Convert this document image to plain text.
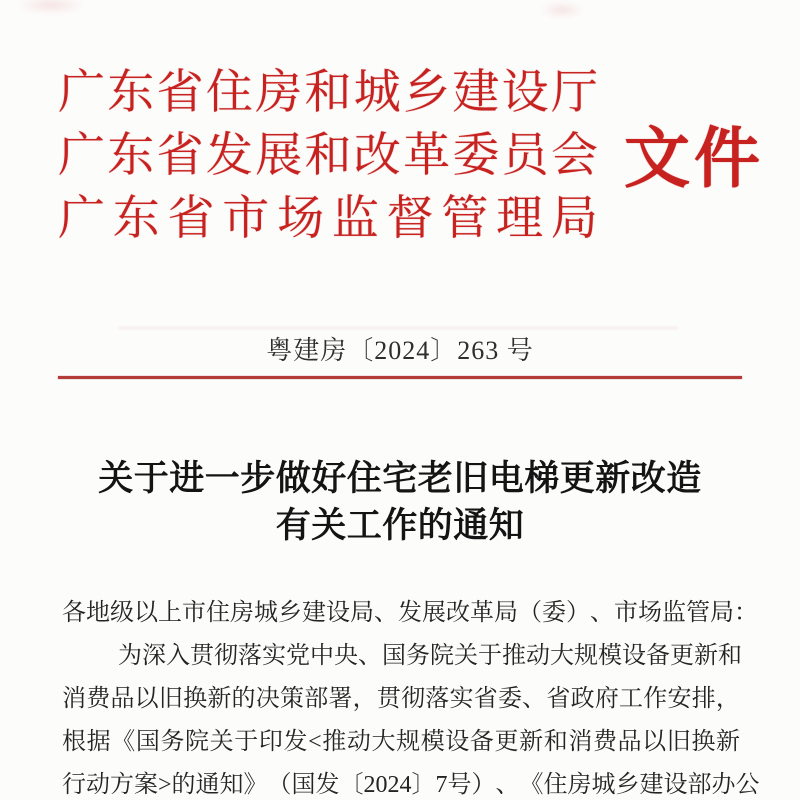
广 东 省 住 房 和 城 乡 建 设 厅
广 东 省 发 展 和 改 革 委 员 会
广 东 省 市 场 监 督 管 理 局
文 件
粤建房〔2024〕263 号
关于进一步做好住宅老旧电梯更新改造
有关工作的通知
各 地 级 以 上 市 住 房 城 乡 建 设 局 、 发 展 改 革 局 （ 委 ） 、 市 场 监 管 局 ：
为 深 入 贯 彻 落 实 党 中 央 、 国 务 院 关 于 推 动 大 规 模 设 备 更 新 和
消 费 品 以 旧 换 新 的 决 策 部 署 ， 贯 彻 落 实 省 委 、 省 政 府 工 作 安 排 ，
根 据 《 国 务 院 关 于 印 发 < 推 动 大 规 模 设 备 更 新 和 消 费 品 以 旧 换 新
行 动 方 案 > 的 通 知 》 （ 国 发 〔 2024 〕 7 号 ） 、 《 住 房 城 乡 建 设 部 办 公
